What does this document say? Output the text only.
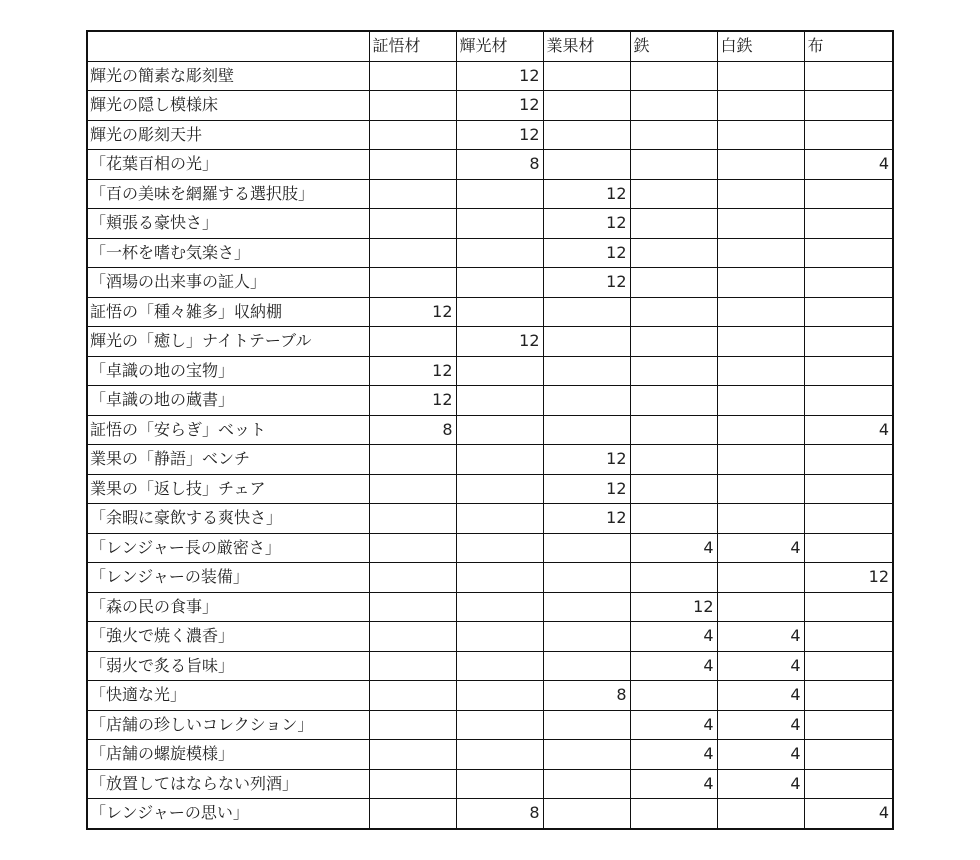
	証悟材	輝光材	業果材	鉄	白鉄	布
輝光の簡素な彫刻壁		12				
輝光の隠し模様床		12				
輝光の彫刻天井		12				
「花葉百相の光」		8				4
「百の美味を網羅する選択肢」			12			
「頬張る豪快さ」			12			
「一杯を嗜む気楽さ」			12			
「酒場の出来事の証人」			12			
証悟の「種々雑多」収納棚	12					
輝光の「癒し」ナイトテーブル		12				
「卓識の地の宝物」	12					
「卓識の地の蔵書」	12					
証悟の「安らぎ」ベット	8					4
業果の「静語」ベンチ			12			
業果の「返し技」チェア			12			
「余暇に豪飲する爽快さ」			12			
「レンジャー長の厳密さ」				4	4	
「レンジャーの装備」						12
「森の民の食事」				12		
「強火で焼く濃香」				4	4	
「弱火で炙る旨味」				4	4	
「快適な光」			8		4	
「店舗の珍しいコレクション」				4	4	
「店舗の螺旋模様」				4	4	
「放置してはならない列酒」				4	4	
「レンジャーの思い」		8				4
